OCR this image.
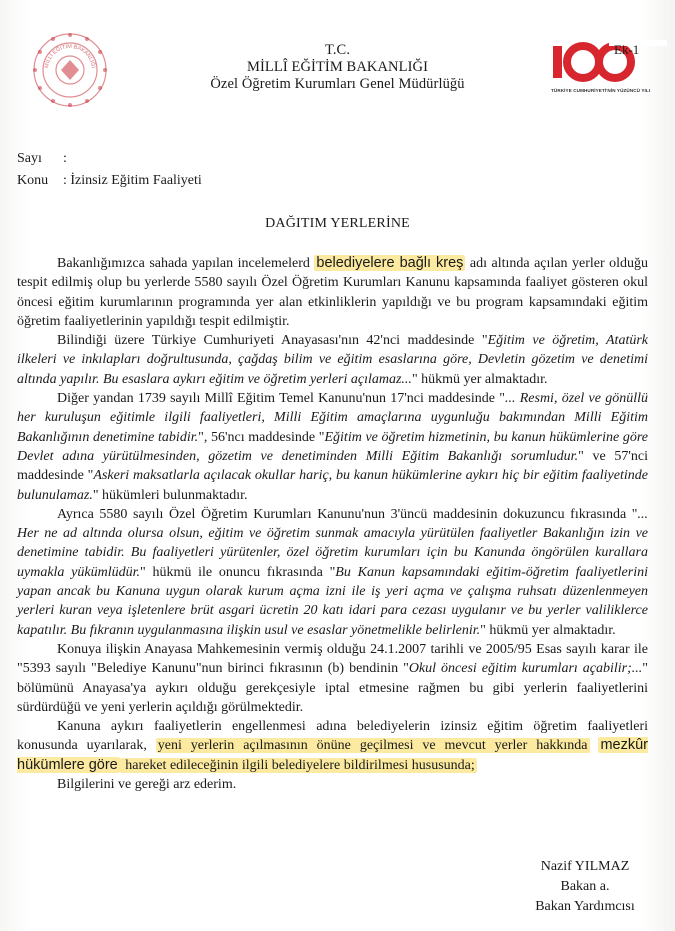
MİLLÎ EĞİTİM BAKANLIĞI
T.C.
MİLLÎ EĞİTİM BAKANLIĞI
Özel Öğretim Kurumları Genel Müdürlüğü	TÜRKİYE CUMHURİYETİ'NİN YÜZÜNCÜ YILI
Ek-1
Sayı :
Konu : İzinsiz Eğitim Faaliyeti
DAĞITIM YERLERİNE

Bakanlığımızca sahada yapılan incelemelerd belediyelere bağlı kreş adı altında açılan yerler olduğu tespit edilmiş olup bu yerlerde 5580 sayılı Özel Öğretim Kurumları Kanunu kapsamında faaliyet gösteren okul öncesi eğitim kurumlarının programında yer alan etkinliklerin yapıldığı ve bu program kapsamındaki eğitim öğretim faaliyetlerinin yapıldığı tespit edilmiştir.

Bilindiği üzere Türkiye Cumhuriyeti Anayasası'nın 42'nci maddesinde "Eğitim ve öğretim, Atatürk ilkeleri ve inkılapları doğrultusunda, çağdaş bilim ve eğitim esaslarına göre, Devletin gözetim ve denetimi altında yapılır. Bu esaslara aykırı eğitim ve öğretim yerleri açılamaz..." hükmü yer almaktadır.

Diğer yandan 1739 sayılı Millî Eğitim Temel Kanunu'nun 17'nci maddesinde "... Resmi, özel ve gönüllü her kuruluşun eğitimle ilgili faaliyetleri, Milli Eğitim amaçlarına uygunluğu bakımından Milli Eğitim Bakanlığının denetimine tabidir.", 56'ncı maddesinde "Eğitim ve öğretim hizmetinin, bu kanun hükümlerine göre Devlet adına yürütülmesinden, gözetim ve denetiminden Milli Eğitim Bakanlığı sorumludur." ve 57'nci maddesinde "Askeri maksatlarla açılacak okullar hariç, bu kanun hükümlerine aykırı hiç bir eğitim faaliyetinde bulunulamaz." hükümleri bulunmaktadır.

Ayrıca 5580 sayılı Özel Öğretim Kurumları Kanunu'nun 3'üncü maddesinin dokuzuncu fıkrasında "... Her ne ad altında olursa olsun, eğitim ve öğretim sunmak amacıyla yürütülen faaliyetler Bakanlığın izin ve denetimine tabidir. Bu faaliyetleri yürütenler, özel öğretim kurumları için bu Kanunda öngörülen kurallara uymakla yükümlüdür." hükmü ile onuncu fıkrasında "Bu Kanun kapsamındaki eğitim-öğretim faaliyetlerini yapan ancak bu Kanuna uygun olarak kurum açma izni ile iş yeri açma ve çalışma ruhsatı düzenlenmeyen yerleri kuran veya işletenlere brüt asgari ücretin 20 katı idari para cezası uygulanır ve bu yerler valiliklerce kapatılır. Bu fıkranın uygulanmasına ilişkin usul ve esaslar yönetmelikle belirlenir." hükmü yer almaktadır.

Konuya ilişkin Anayasa Mahkemesinin vermiş olduğu 24.1.2007 tarihli ve 2005/95 Esas sayılı karar ile "5393 sayılı "Belediye Kanunu"nun birinci fıkrasının (b) bendinin "Okul öncesi eğitim kurumları açabilir;..." bölümünü Anayasa'ya aykırı olduğu gerekçesiyle iptal etmesine rağmen bu gibi yerlerin faaliyetlerini sürdürdüğü ve yeni yerlerin açıldığı görülmektedir.

Kanuna aykırı faaliyetlerin engellenmesi adına belediyelerin izinsiz eğitim öğretim faaliyetleri konusunda uyarılarak, yeni yerlerin açılmasının önüne geçilmesi ve mevcut yerler hakkında mezkûr hükümlere göre hareket edileceğinin ilgili belediyelere bildirilmesi hususunda;

Bilgilerini ve gereği arz ederim.

Nazif YILMAZ
Bakan a.
Bakan Yardımcısı
